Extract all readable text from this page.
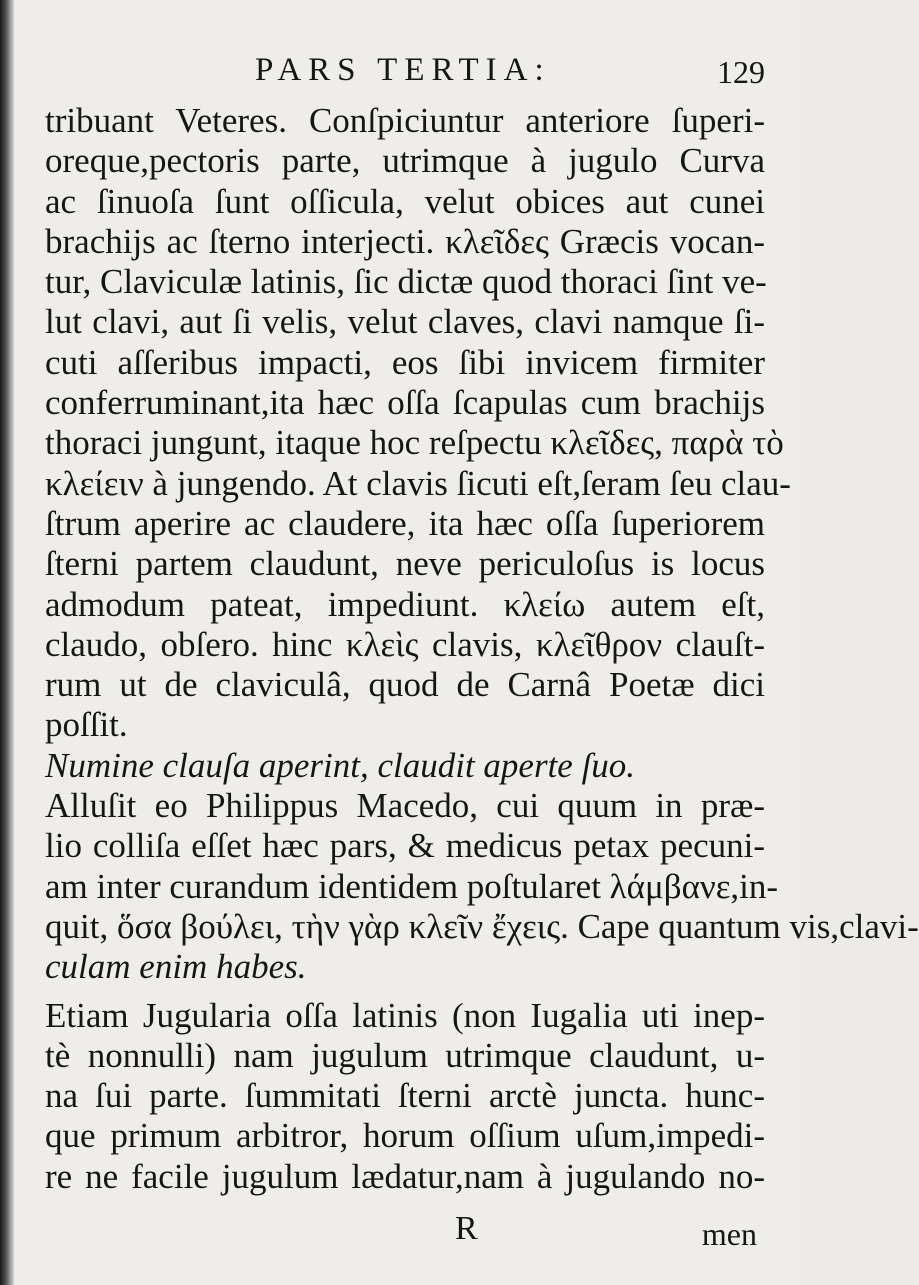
PARS TERTIA:	129
tribuant Veteres. Conſpiciuntur anteriore ſuperi-
oreque,pectoris parte, utrimque à jugulo Curva
ac ſinuoſa ſunt oſſicula, velut obices aut cunei
brachijs ac ſterno interjecti. κλεῖδες Græcis vocan-
tur, Claviculæ latinis, ſic dictæ quod thoraci ſint ve-
lut clavi, aut ſi velis, velut claves, clavi namque ſi-
cuti aſſeribus impacti, eos ſibi invicem firmiter
conferruminant,ita hæc oſſa ſcapulas cum brachijs
thoraci jungunt, itaque hoc reſpectu κλεῖδες, παρὰ τὸ
κλείειν à jungendo. At clavis ſicuti eſt,ſeram ſeu clau-
ſtrum aperire ac claudere, ita hæc oſſa ſuperiorem
ſterni partem claudunt, neve periculoſus is locus
admodum pateat, impediunt. κλείω autem eſt,
claudo, obſero. hinc κλεὶς clavis, κλεῖθρον clauſt-
rum ut de claviculâ, quod de Carnâ Poetæ dici
poſſit.
Numine clauſa aperint, claudit aperte ſuo.
Alluſit eo Philippus Macedo, cui quum in præ-
lio colliſa eſſet hæc pars, & medicus petax pecuni-
am inter curandum identidem poſtularet λάμβανε,in-
quit, ὅσα βούλει, τὴν γὰρ κλεῖν ἔχεις. Cape quantum vis,clavi-
culam enim habes.
Etiam Jugularia oſſa latinis (non Iugalia uti inep-
tè nonnulli) nam jugulum utrimque claudunt, u-
na ſui parte. ſummitati ſterni arctè juncta. hunc-
que primum arbitror, horum oſſium uſum,impedi-
re ne facile jugulum lædatur,nam à jugulando no-
R	men
